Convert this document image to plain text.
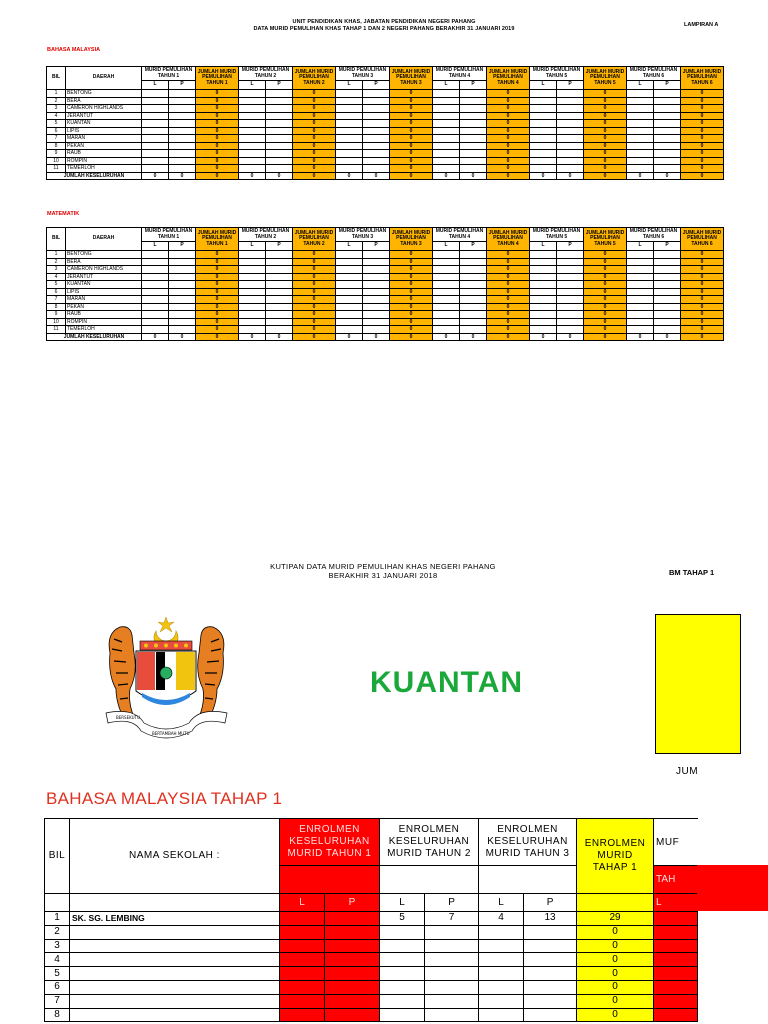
UNIT PENDIDIKAN KHAS, JABATAN PENDIDIKAN NEGERI PAHANG
DATA MURID PEMULIHAN KHAS TAHAP 1 DAN 2 NEGERI PAHANG BERAKHIR 31 JANUARI 2019
LAMPIRAN A
BAHASA MALAYSIA
BIL	DAERAH	MURID PEMULIHAN TAHUN 1		JUMLAH MURID PEMULIHAN TAHUN 1	MURID PEMULIHAN TAHUN 2		JUMLAH MURID PEMULIHAN TAHUN 2	MURID PEMULIHAN TAHUN 3		JUMLAH MURID PEMULIHAN TAHUN 3	MURID PEMULIHAN TAHUN 4		JUMLAH MURID PEMULIHAN TAHUN 4	MURID PEMULIHAN TAHUN 5		JUMLAH MURID PEMULIHAN TAHUN 5	MURID PEMULIHAN TAHUN 6		JUMLAH MURID PEMULIHAN TAHUN 6
		L	P		L	P		L	P		L	P		L	P		L	P	
1	BENTONG			0			0			0			0			0			0
2	BERA			0			0			0			0			0			0
3	CAMERON HIGHLANDS			0			0			0			0			0			0
4	JERANTUT			0			0			0			0			0			0
5	KUANTAN			0			0			0			0			0			0
6	LIPIS			0			0			0			0			0			0
7	MARAN			0			0			0			0			0			0
8	PEKAN			0			0			0			0			0			0
9	RAUB			0			0			0			0			0			0
10	ROMPIN			0			0			0			0			0			0
11	TEMERLOH			0			0			0			0			0			0
JUMLAH KESELURUHAN		0	0	0	0	0	0	0	0	0	0	0	0	0	0	0	0	0	0
MATEMATIK
BIL	DAERAH	MURID PEMULIHAN TAHUN 1		JUMLAH MURID PEMULIHAN TAHUN 1	MURID PEMULIHAN TAHUN 2		JUMLAH MURID PEMULIHAN TAHUN 2	MURID PEMULIHAN TAHUN 3		JUMLAH MURID PEMULIHAN TAHUN 3	MURID PEMULIHAN TAHUN 4		JUMLAH MURID PEMULIHAN TAHUN 4	MURID PEMULIHAN TAHUN 5		JUMLAH MURID PEMULIHAN TAHUN 5	MURID PEMULIHAN TAHUN 6		JUMLAH MURID PEMULIHAN TAHUN 6
		L	P		L	P		L	P		L	P		L	P		L	P	
1	BENTONG			0			0			0			0			0			0
2	BERA			0			0			0			0			0			0
3	CAMERON HIGHLANDS			0			0			0			0			0			0
4	JERANTUT			0			0			0			0			0			0
5	KUANTAN			0			0			0			0			0			0
6	LIPIS			0			0			0			0			0			0
7	MARAN			0			0			0			0			0			0
8	PEKAN			0			0			0			0			0			0
9	RAUB			0			0			0			0			0			0
10	ROMPIN			0			0			0			0			0			0
11	TEMERLOH			0			0			0			0			0			0
JUMLAH KESELURUHAN		0	0	0	0	0	0	0	0	0	0	0	0	0	0	0	0	0	0
KUTIPAN DATA MURID PEMULIHAN KHAS NEGERI PAHANG
BERAKHIR 31 JANUARI 2018	BM TAHAP 1
BERSEKUTU
BERTAMBAH MUTU
KUANTAN
JUM
BAHASA MALAYSIA TAHAP 1
BIL	NAMA SEKOLAH :	ENROLMEN KESELURUHAN MURID TAHUN 1		ENROLMEN KESELURUHAN MURID TAHUN 2		ENROLMEN KESELURUHAN MURID TAHUN 3		ENROLMEN MURID TAHAP 1	MUF
									TAH
		L	P	L	P	L	P		L
1	SK. SG. LEMBING			5	7	4	13	29	
2								0	
3								0	
4								0	
5								0	
6								0	
7								0	
8								0	
